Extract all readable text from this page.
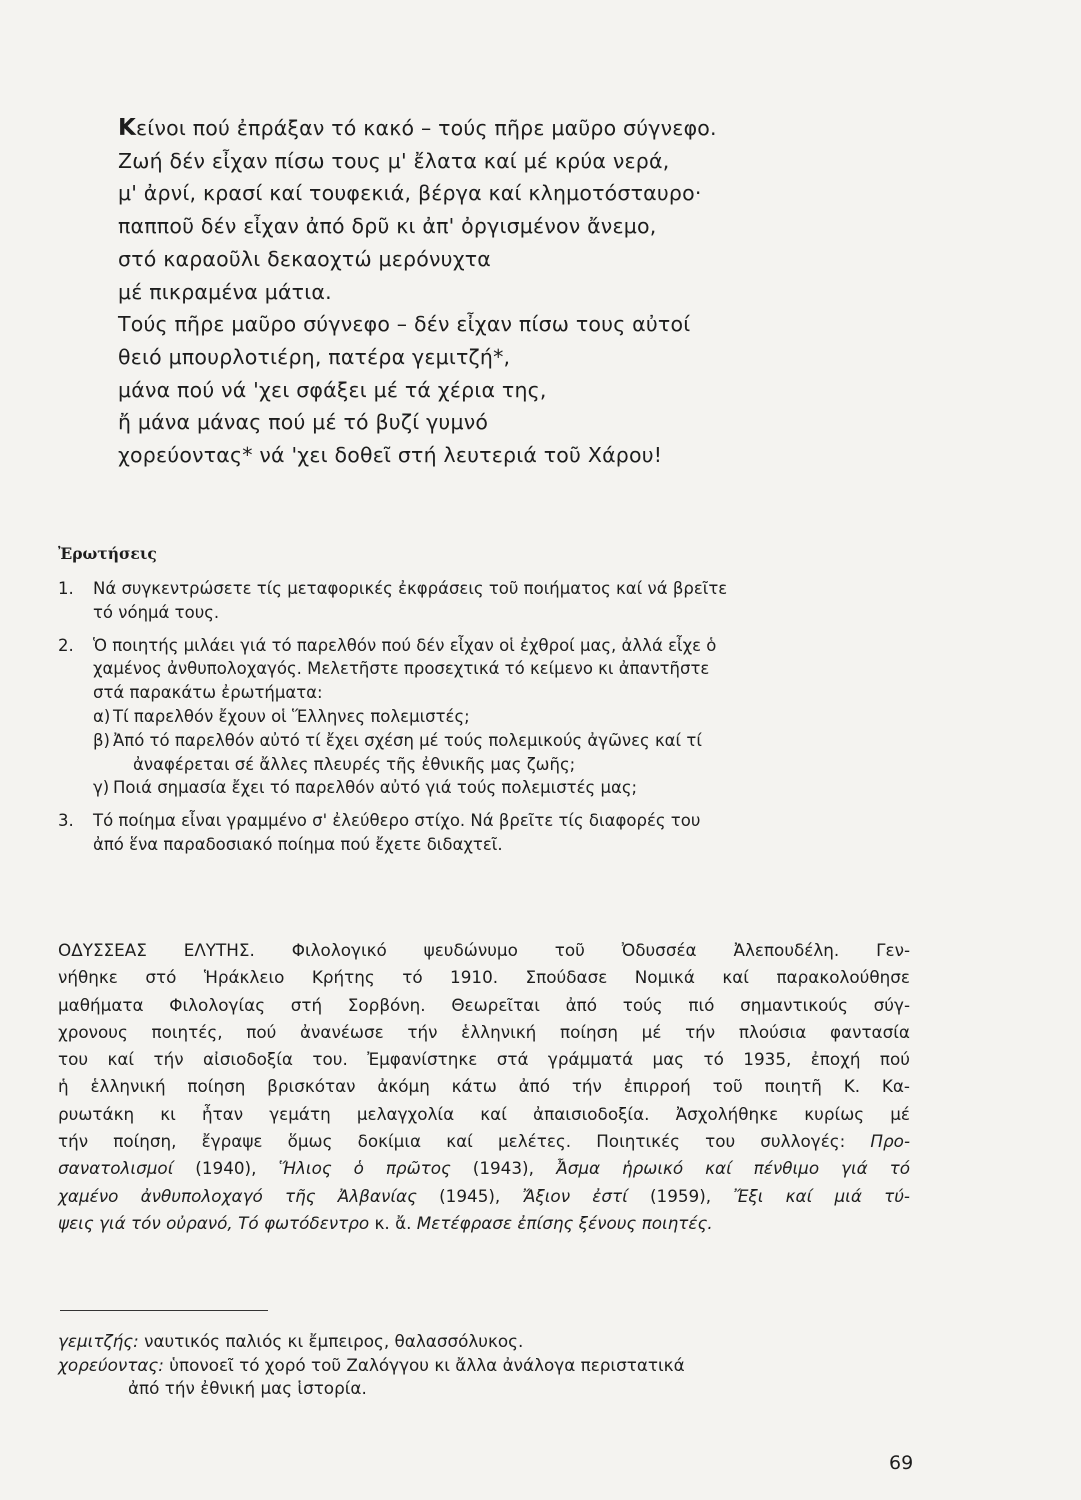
Κείνοι πού ἐπράξαν τό κακό – τούς πῆρε μαῦρο σύγνεφο.
Ζωή δέν εἶχαν πίσω τους μ' ἔλατα καί μέ κρύα νερά,
μ' ἀρνί, κρασί καί τουφεκιά, βέργα καί κλημοτόσταυρο·
παπποῦ δέν εἶχαν ἀπό δρῦ κι ἀπ' ὀργισμένον ἄνεμο,
στό καραοῦλι δεκαοχτώ μερόνυχτα
μέ πικραμένα μάτια.
Τούς πῆρε μαῦρο σύγνεφο – δέν εἶχαν πίσω τους αὐτοί
θειό μπουρλοτιέρη, πατέρα γεμιτζή*,
μάνα πού νά 'χει σφάξει μέ τά χέρια της,
ἤ μάνα μάνας πού μέ τό βυζί γυμνό
χορεύοντας* νά 'χει δοθεῖ στή λευτεριά τοῦ Χάρου!
Ἐρωτήσεις
1. Νά συγκεντρώσετε τίς μεταφορικές ἐκφράσεις τοῦ ποιήματος καί νά βρεῖτε
τό νόημά τους.
2. Ὁ ποιητής μιλάει γιά τό παρελθόν πού δέν εἶχαν οἱ ἐχθροί μας, ἀλλά εἶχε ὁ
χαμένος ἀνθυπολοχαγός. Μελετῆστε προσεχτικά τό κείμενο κι ἀπαντῆστε
στά παρακάτω ἐρωτήματα:
α) Τί παρελθόν ἔχουν οἱ Ἕλληνες πολεμιστές;
β) Ἀπό τό παρελθόν αὐτό τί ἔχει σχέση μέ τούς πολεμικούς ἀγῶνες καί τί
ἀναφέρεται σέ ἄλλες πλευρές τῆς ἐθνικῆς μας ζωῆς;
γ) Ποιά σημασία ἔχει τό παρελθόν αὐτό γιά τούς πολεμιστές μας;
3. Τό ποίημα εἶναι γραμμένο σ' ἐλεύθερο στίχο. Νά βρεῖτε τίς διαφορές του
ἀπό ἕνα παραδοσιακό ποίημα πού ἔχετε διδαχτεῖ.
ΟΔΥΣΣΕΑΣ ΕΛΥΤΗΣ. Φιλολογικό ψευδώνυμο τοῦ Ὀδυσσέα Ἀλεπουδέλη. Γεν-
νήθηκε στό Ἡράκλειο Κρήτης τό 1910. Σπούδασε Νομικά καί παρακολούθησε
μαθήματα Φιλολογίας στή Σορβόνη. Θεωρεῖται ἀπό τούς πιό σημαντικούς σύγ-
χρονους ποιητές, πού ἀνανέωσε τήν ἑλληνική ποίηση μέ τήν πλούσια φαντασία
του καί τήν αἰσιοδοξία του. Ἐμφανίστηκε στά γράμματά μας τό 1935, ἐποχή πού
ἡ ἑλληνική ποίηση βρισκόταν ἀκόμη κάτω ἀπό τήν ἐπιρροή τοῦ ποιητῆ Κ. Κα-
ρυωτάκη κι ἦταν γεμάτη μελαγχολία καί ἀπαισιοδοξία. Ἀσχολήθηκε κυρίως μέ
τήν ποίηση, ἔγραψε ὅμως δοκίμια καί μελέτες. Ποιητικές του συλλογές: Προ-
σανατολισμοί (1940), Ἥλιος ὁ πρῶτος (1943), Ἆσμα ἡρωικό καί πένθιμο γιά τό
χαμένο ἀνθυπολοχαγό τῆς Ἀλβανίας (1945), Ἄξιον ἐστί (1959), Ἔξι καί μιά τύ-
ψεις γιά τόν οὐρανό, Τό φωτόδεντρο κ. ἄ. Μετέφρασε ἐπίσης ξένους ποιητές.
γεμιτζής: ναυτικός παλιός κι ἔμπειρος, θαλασσόλυκος.
χορεύοντας: ὑπονοεῖ τό χορό τοῦ Ζαλόγγου κι ἄλλα ἀνάλογα περιστατικά
ἀπό τήν ἐθνική μας ἱστορία.
69
